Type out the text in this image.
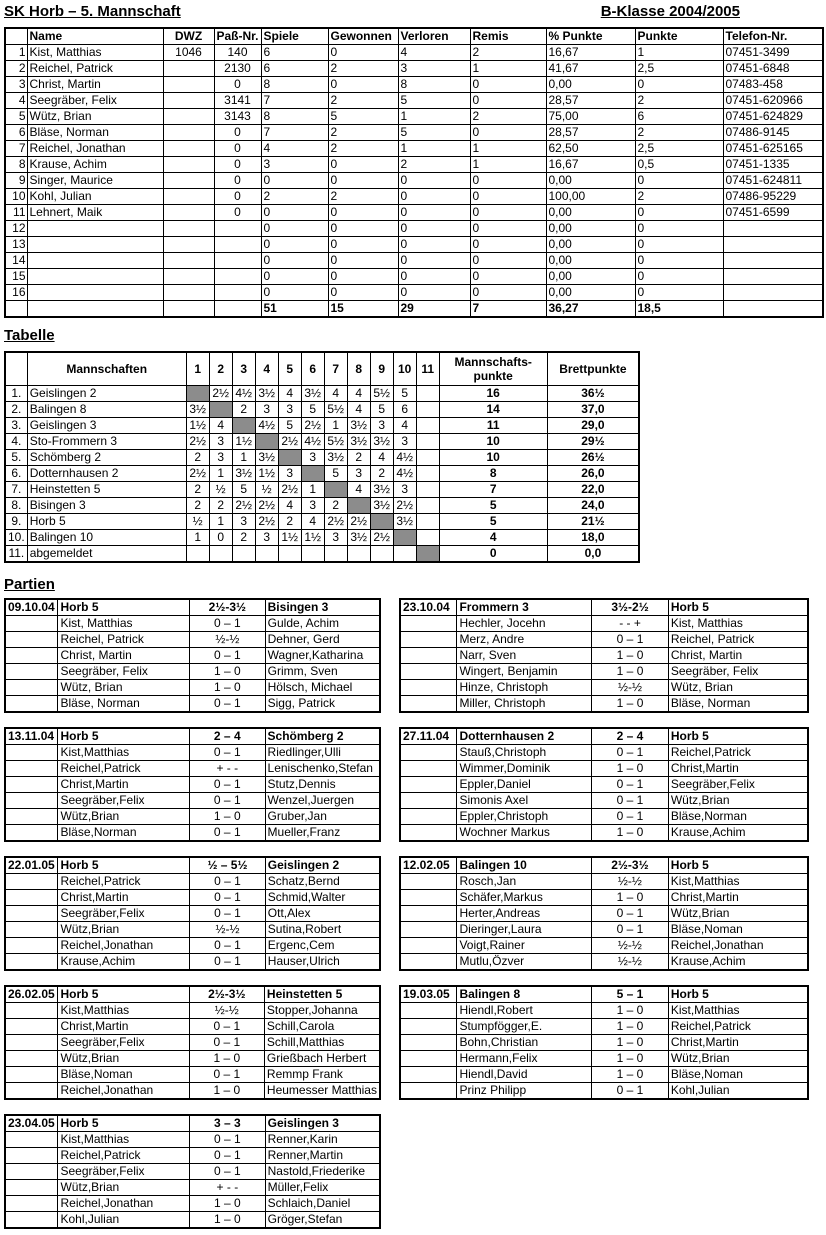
SK Horb – 5. Mannschaft	B-Klasse 2004/2005
	Name	DWZ	Paß-Nr.	Spiele	Gewonnen	Verloren	Remis	% Punkte	Punkte	Telefon-Nr.
1	Kist, Matthias	1046	140	6	0	4	2	16,67	1	07451-3499
2	Reichel, Patrick		2130	6	2	3	1	41,67	2,5	07451-6848
3	Christ, Martin		0	8	0	8	0	0,00	0	07483-458
4	Seegräber, Felix		3141	7	2	5	0	28,57	2	07451-620966
5	Wütz, Brian		3143	8	5	1	2	75,00	6	07451-624829
6	Bläse, Norman		0	7	2	5	0	28,57	2	07486-9145
7	Reichel, Jonathan		0	4	2	1	1	62,50	2,5	07451-625165
8	Krause, Achim		0	3	0	2	1	16,67	0,5	07451-1335
9	Singer, Maurice		0	0	0	0	0	0,00	0	07451-624811
10	Kohl, Julian		0	2	2	0	0	100,00	2	07486-95229
11	Lehnert, Maik		0	0	0	0	0	0,00	0	07451-6599
12				0	0	0	0	0,00	0	
13				0	0	0	0	0,00	0	
14				0	0	0	0	0,00	0	
15				0	0	0	0	0,00	0	
16				0	0	0	0	0,00	0	
				51	15	29	7	36,27	18,5	
Tabelle
	Mannschaften	1	2	3	4	5	6	7	8	9	10	11	Mannschafts-punkte	Brettpunkte
1.	Geislingen 2		2½	4½	3½	4	3½	4	4	5½	5		16	36½
2.	Balingen 8	3½		2	3	3	5	5½	4	5	6		14	37,0
3.	Geislingen 3	1½	4		4½	5	2½	1	3½	3	4		11	29,0
4.	Sto-Frommern 3	2½	3	1½		2½	4½	5½	3½	3½	3		10	29½
5.	Schömberg 2	2	3	1	3½		3	3½	2	4	4½		10	26½
6.	Dotternhausen 2	2½	1	3½	1½	3		5	3	2	4½		8	26,0
7.	Heinstetten 5	2	½	5	½	2½	1		4	3½	3		7	22,0
8.	Bisingen 3	2	2	2½	2½	4	3	2		3½	2½		5	24,0
9.	Horb 5	½	1	3	2½	2	4	2½	2½		3½		5	21½
10.	Balingen 10	1	0	2	3	1½	1½	3	3½	2½			4	18,0
11.	abgemeldet												0	0,0
Partien
09.10.04	Horb 5	2½-3½	Bisingen 3
	Kist, Matthias	0 – 1	Gulde, Achim
	Reichel, Patrick	½-½	Dehner, Gerd
	Christ, Martin	0 – 1	Wagner,Katharina
	Seegräber, Felix	1 – 0	Grimm, Sven
	Wütz, Brian	1 – 0	Hölsch, Michael
	Bläse, Norman	0 – 1	Sigg, Patrick
23.10.04	Frommern 3	3½-2½	Horb 5
	Hechler, Jocehn	- - +	Kist, Matthias
	Merz, Andre	0 – 1	Reichel, Patrick
	Narr, Sven	1 – 0	Christ, Martin
	Wingert, Benjamin	1 – 0	Seegräber, Felix
	Hinze, Christoph	½-½	Wütz, Brian
	Miller, Christoph	1 – 0	Bläse, Norman
13.11.04	Horb 5	2 – 4	Schömberg 2
	Kist,Matthias	0 – 1	Riedlinger,Ulli
	Reichel,Patrick	+ - -	Lenischenko,Stefan
	Christ,Martin	0 – 1	Stutz,Dennis
	Seegräber,Felix	0 – 1	Wenzel,Juergen
	Wütz,Brian	1 – 0	Gruber,Jan
	Bläse,Norman	0 – 1	Mueller,Franz
27.11.04	Dotternhausen 2	2 – 4	Horb 5
	Stauß,Christoph	0 – 1	Reichel,Patrick
	Wimmer,Dominik	1 – 0	Christ,Martin
	Eppler,Daniel	0 – 1	Seegräber,Felix
	Simonis Axel	0 – 1	Wütz,Brian
	Eppler,Christoph	0 – 1	Bläse,Norman
	Wochner Markus	1 – 0	Krause,Achim
22.01.05	Horb 5	½ – 5½	Geislingen 2
	Reichel,Patrick	0 – 1	Schatz,Bernd
	Christ,Martin	0 – 1	Schmid,Walter
	Seegräber,Felix	0 – 1	Ott,Alex
	Wütz,Brian	½-½	Sutina,Robert
	Reichel,Jonathan	0 – 1	Ergenc,Cem
	Krause,Achim	0 – 1	Hauser,Ulrich
12.02.05	Balingen 10	2½-3½	Horb 5
	Rosch,Jan	½-½	Kist,Matthias
	Schäfer,Markus	1 – 0	Christ,Martin
	Herter,Andreas	0 – 1	Wütz,Brian
	Dieringer,Laura	0 – 1	Bläse,Noman
	Voigt,Rainer	½-½	Reichel,Jonathan
	Mutlu,Özver	½-½	Krause,Achim
26.02.05	Horb 5	2½-3½	Heinstetten 5
	Kist,Matthias	½-½	Stopper,Johanna
	Christ,Martin	0 – 1	Schill,Carola
	Seegräber,Felix	0 – 1	Schill,Matthias
	Wütz,Brian	1 – 0	Grießbach Herbert
	Bläse,Noman	0 – 1	Remmp Frank
	Reichel,Jonathan	1 – 0	Heumesser Matthias
19.03.05	Balingen 8	5 – 1	Horb 5
	Hiendl,Robert	1 – 0	Kist,Matthias
	Stumpfögger,E.	1 – 0	Reichel,Patrick
	Bohn,Christian	1 – 0	Christ,Martin
	Hermann,Felix	1 – 0	Wütz,Brian
	Hiendl,David	1 – 0	Bläse,Noman
	Prinz Philipp	0 – 1	Kohl,Julian
23.04.05	Horb 5	3 – 3	Geislingen 3
	Kist,Matthias	0 – 1	Renner,Karin
	Reichel,Patrick	0 – 1	Renner,Martin
	Seegräber,Felix	0 – 1	Nastold,Friederike
	Wütz,Brian	+ - -	Müller,Felix
	Reichel,Jonathan	1 – 0	Schlaich,Daniel
	Kohl,Julian	1 – 0	Gröger,Stefan
